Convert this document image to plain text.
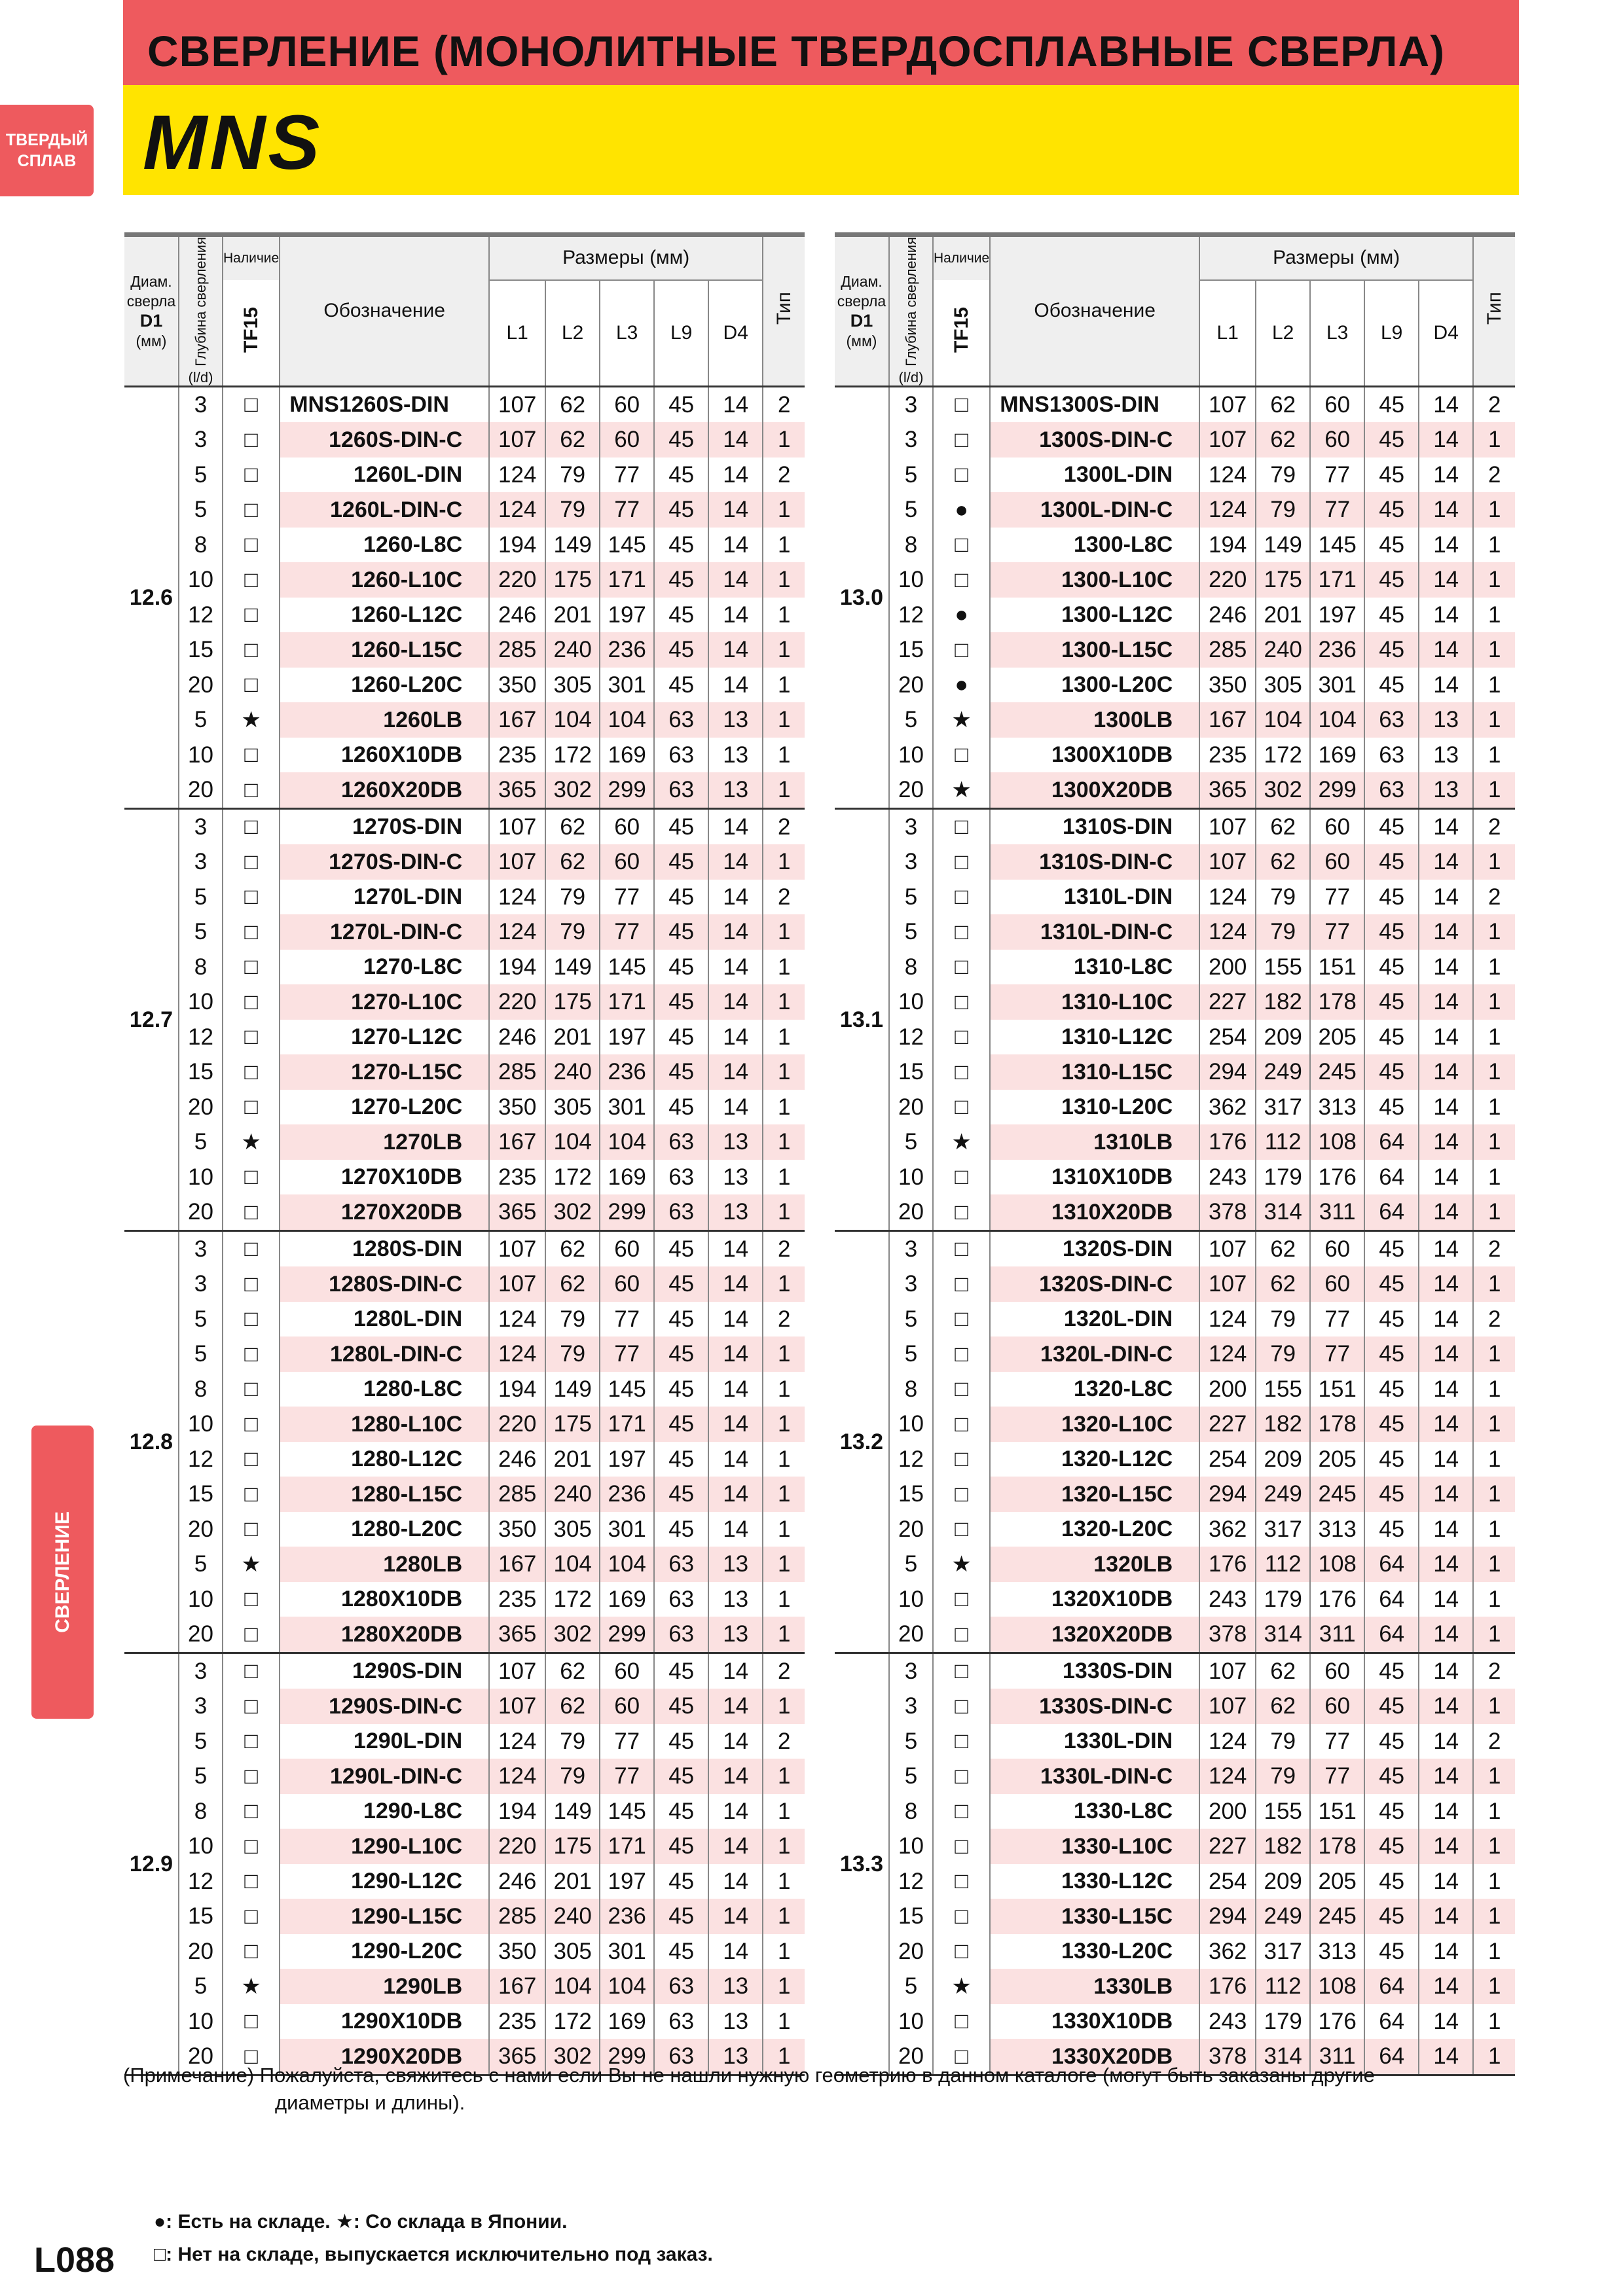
СВЕРЛЕНИЕ (МОНОЛИТНЫЕ ТВЕРДОСПЛАВНЫЕ СВЕРЛА)
MNS
ТВЕРДЫЙ
СПЛАВ
СВЕРЛЕНИЕ
Диам.
сверла
D1
(мм)	Глубина сверления
(l/d)	Наличие	Обозначение	Размеры (мм)					Тип
		TF15		L1	L2	L3	L9	D4	
12.6	3	□	MNS1260S-DIN	107	62	60	45	14	2
	3	□	1260S-DIN-C	107	62	60	45	14	1
	5	□	1260L-DIN	124	79	77	45	14	2
	5	□	1260L-DIN-C	124	79	77	45	14	1
	8	□	1260-L8C	194	149	145	45	14	1
	10	□	1260-L10C	220	175	171	45	14	1
	12	□	1260-L12C	246	201	197	45	14	1
	15	□	1260-L15C	285	240	236	45	14	1
	20	□	1260-L20C	350	305	301	45	14	1
	5	★	1260LB	167	104	104	63	13	1
	10	□	1260X10DB	235	172	169	63	13	1
	20	□	1260X20DB	365	302	299	63	13	1
12.7	3	□	1270S-DIN	107	62	60	45	14	2
	3	□	1270S-DIN-C	107	62	60	45	14	1
	5	□	1270L-DIN	124	79	77	45	14	2
	5	□	1270L-DIN-C	124	79	77	45	14	1
	8	□	1270-L8C	194	149	145	45	14	1
	10	□	1270-L10C	220	175	171	45	14	1
	12	□	1270-L12C	246	201	197	45	14	1
	15	□	1270-L15C	285	240	236	45	14	1
	20	□	1270-L20C	350	305	301	45	14	1
	5	★	1270LB	167	104	104	63	13	1
	10	□	1270X10DB	235	172	169	63	13	1
	20	□	1270X20DB	365	302	299	63	13	1
12.8	3	□	1280S-DIN	107	62	60	45	14	2
	3	□	1280S-DIN-C	107	62	60	45	14	1
	5	□	1280L-DIN	124	79	77	45	14	2
	5	□	1280L-DIN-C	124	79	77	45	14	1
	8	□	1280-L8C	194	149	145	45	14	1
	10	□	1280-L10C	220	175	171	45	14	1
	12	□	1280-L12C	246	201	197	45	14	1
	15	□	1280-L15C	285	240	236	45	14	1
	20	□	1280-L20C	350	305	301	45	14	1
	5	★	1280LB	167	104	104	63	13	1
	10	□	1280X10DB	235	172	169	63	13	1
	20	□	1280X20DB	365	302	299	63	13	1
12.9	3	□	1290S-DIN	107	62	60	45	14	2
	3	□	1290S-DIN-C	107	62	60	45	14	1
	5	□	1290L-DIN	124	79	77	45	14	2
	5	□	1290L-DIN-C	124	79	77	45	14	1
	8	□	1290-L8C	194	149	145	45	14	1
	10	□	1290-L10C	220	175	171	45	14	1
	12	□	1290-L12C	246	201	197	45	14	1
	15	□	1290-L15C	285	240	236	45	14	1
	20	□	1290-L20C	350	305	301	45	14	1
	5	★	1290LB	167	104	104	63	13	1
	10	□	1290X10DB	235	172	169	63	13	1
	20	□	1290X20DB	365	302	299	63	13	1
Диам.
сверла
D1
(мм)	Глубина сверления
(l/d)	Наличие	Обозначение	Размеры (мм)					Тип
		TF15		L1	L2	L3	L9	D4	
13.0	3	□	MNS1300S-DIN	107	62	60	45	14	2
	3	□	1300S-DIN-C	107	62	60	45	14	1
	5	□	1300L-DIN	124	79	77	45	14	2
	5	●	1300L-DIN-C	124	79	77	45	14	1
	8	□	1300-L8C	194	149	145	45	14	1
	10	□	1300-L10C	220	175	171	45	14	1
	12	●	1300-L12C	246	201	197	45	14	1
	15	□	1300-L15C	285	240	236	45	14	1
	20	●	1300-L20C	350	305	301	45	14	1
	5	★	1300LB	167	104	104	63	13	1
	10	□	1300X10DB	235	172	169	63	13	1
	20	★	1300X20DB	365	302	299	63	13	1
13.1	3	□	1310S-DIN	107	62	60	45	14	2
	3	□	1310S-DIN-C	107	62	60	45	14	1
	5	□	1310L-DIN	124	79	77	45	14	2
	5	□	1310L-DIN-C	124	79	77	45	14	1
	8	□	1310-L8C	200	155	151	45	14	1
	10	□	1310-L10C	227	182	178	45	14	1
	12	□	1310-L12C	254	209	205	45	14	1
	15	□	1310-L15C	294	249	245	45	14	1
	20	□	1310-L20C	362	317	313	45	14	1
	5	★	1310LB	176	112	108	64	14	1
	10	□	1310X10DB	243	179	176	64	14	1
	20	□	1310X20DB	378	314	311	64	14	1
13.2	3	□	1320S-DIN	107	62	60	45	14	2
	3	□	1320S-DIN-C	107	62	60	45	14	1
	5	□	1320L-DIN	124	79	77	45	14	2
	5	□	1320L-DIN-C	124	79	77	45	14	1
	8	□	1320-L8C	200	155	151	45	14	1
	10	□	1320-L10C	227	182	178	45	14	1
	12	□	1320-L12C	254	209	205	45	14	1
	15	□	1320-L15C	294	249	245	45	14	1
	20	□	1320-L20C	362	317	313	45	14	1
	5	★	1320LB	176	112	108	64	14	1
	10	□	1320X10DB	243	179	176	64	14	1
	20	□	1320X20DB	378	314	311	64	14	1
13.3	3	□	1330S-DIN	107	62	60	45	14	2
	3	□	1330S-DIN-C	107	62	60	45	14	1
	5	□	1330L-DIN	124	79	77	45	14	2
	5	□	1330L-DIN-C	124	79	77	45	14	1
	8	□	1330-L8C	200	155	151	45	14	1
	10	□	1330-L10C	227	182	178	45	14	1
	12	□	1330-L12C	254	209	205	45	14	1
	15	□	1330-L15C	294	249	245	45	14	1
	20	□	1330-L20C	362	317	313	45	14	1
	5	★	1330LB	176	112	108	64	14	1
	10	□	1330X10DB	243	179	176	64	14	1
	20	□	1330X20DB	378	314	311	64	14	1
(Примечание) Пожалуйста, свяжитесь с нами если Вы не нашли нужную геометрию в данном каталоге (могут быть заказаны другие
диаметры и длины).
●: Есть на складе. ★: Со склада в Японии.
□: Нет на складе, выпускается исключительно под заказ.
L088
